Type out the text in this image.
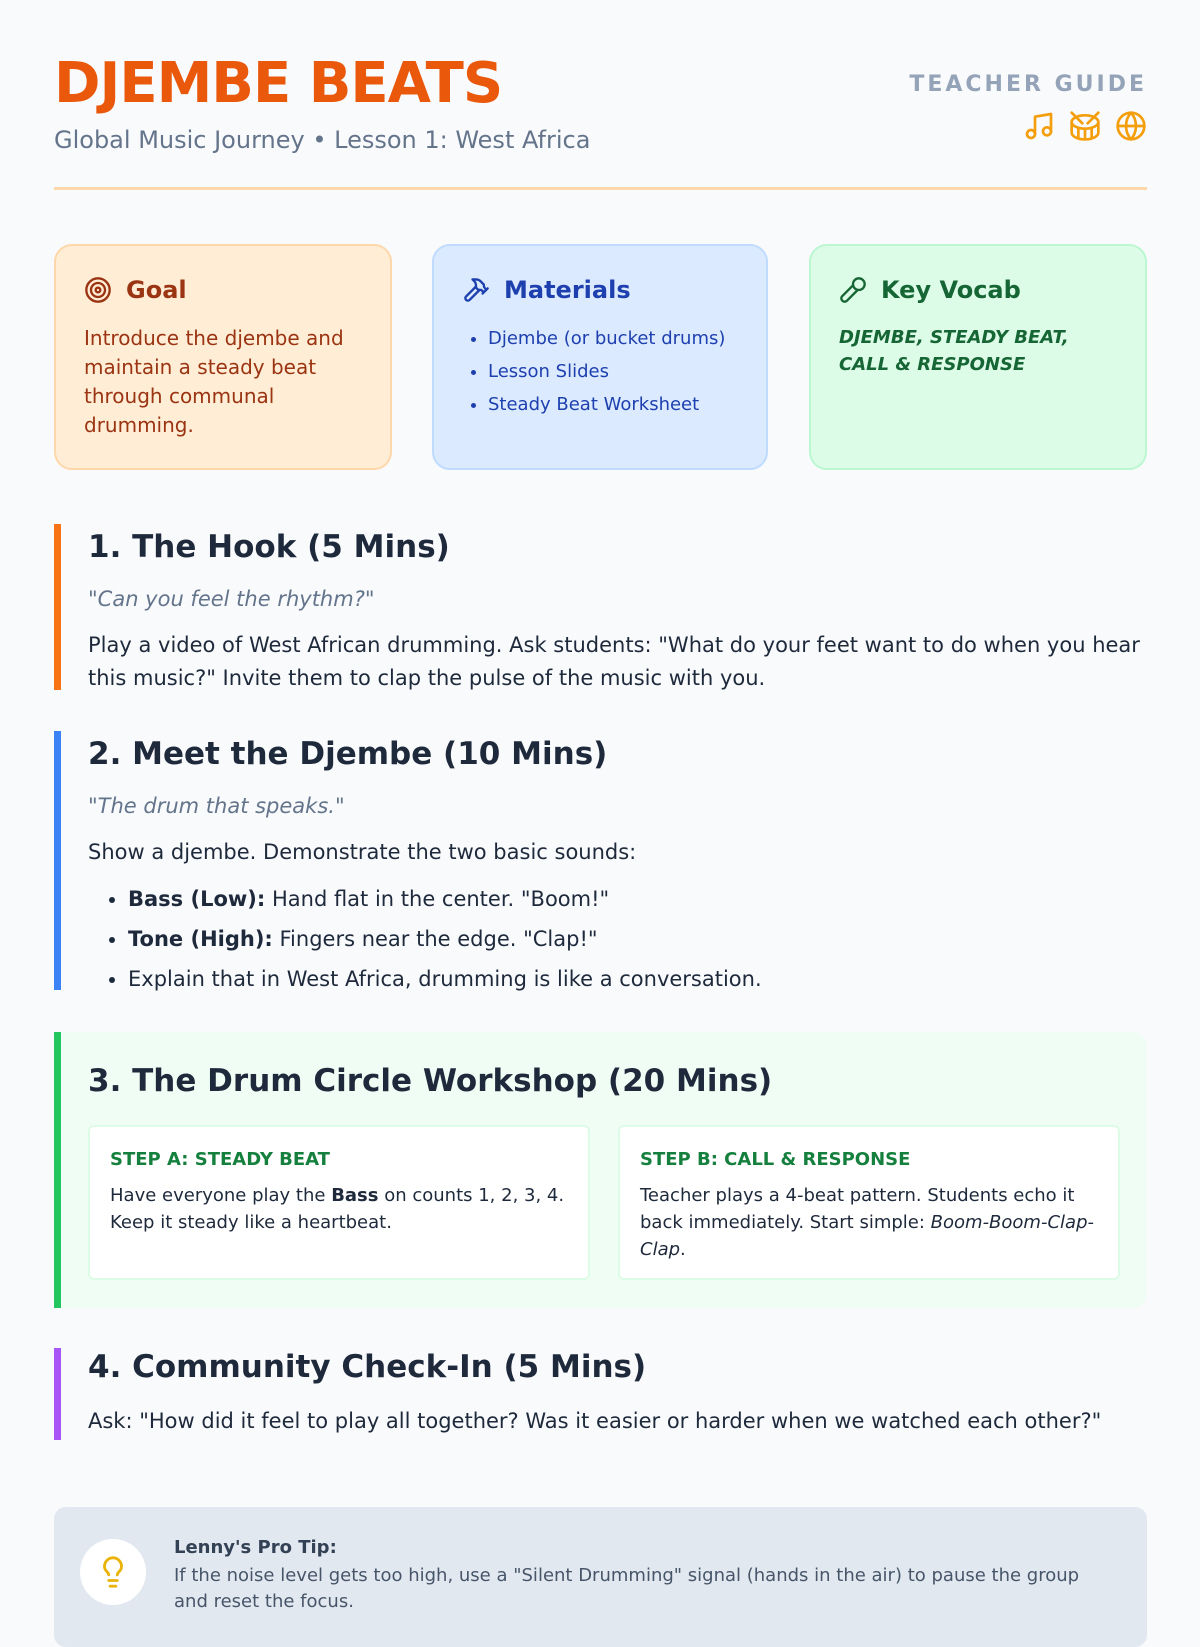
DJEMBE BEATS
Global Music Journey • Lesson 1: West Africa
TEACHER GUIDE
Goal
Introduce the djembe and maintain a steady beat through communal drumming.
Materials
• Djembe (or bucket drums)
• Lesson Slides
• Steady Beat Worksheet
Key Vocab
DJEMBE, STEADY BEAT,
CALL & RESPONSE
1. The Hook (5 Mins)
"Can you feel the rhythm?"
Play a video of West African drumming. Ask students: "What do your feet want to do when you hear this music?" Invite them to clap the pulse of the music with you.
2. Meet the Djembe (10 Mins)
"The drum that speaks."
Show a djembe. Demonstrate the two basic sounds:
• Bass (Low): Hand flat in the center. "Boom!"
• Tone (High): Fingers near the edge. "Clap!"
• Explain that in West Africa, drumming is like a conversation.
3. The Drum Circle Workshop (20 Mins)
STEP A: STEADY BEAT
Have everyone play the Bass on counts 1, 2, 3, 4. Keep it steady like a heartbeat.
STEP B: CALL & RESPONSE
Teacher plays a 4-beat pattern. Students echo it back immediately. Start simple: Boom-Boom-Clap-Clap.
4. Community Check-In (5 Mins)
Ask: "How did it feel to play all together? Was it easier or harder when we watched each other?"
Lenny's Pro Tip:
If the noise level gets too high, use a "Silent Drumming" signal (hands in the air) to pause the group and reset the focus.
